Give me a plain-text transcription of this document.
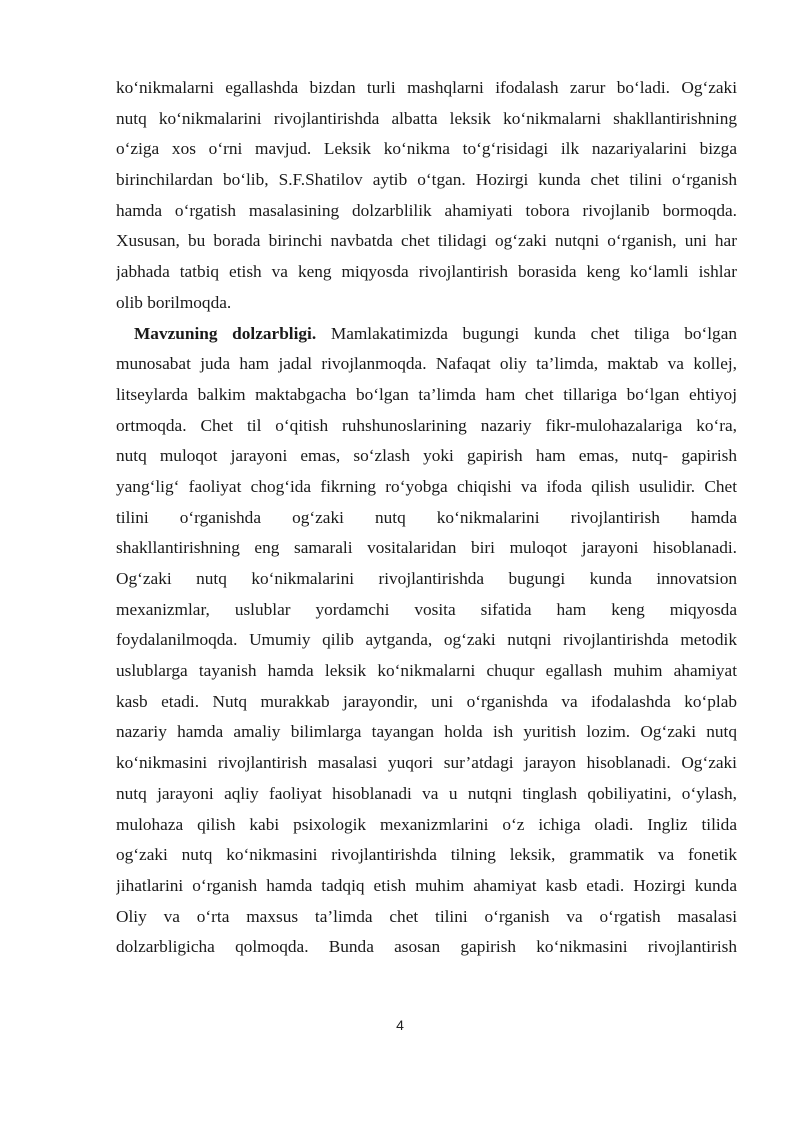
ko‘nikmalarni egallashda bizdan turli mashqlarni ifodalash zarur bo‘ladi. Og‘zaki
nutq ko‘nikmalarini rivojlantirishda albatta leksik ko‘nikmalarni shakllantirishning
o‘ziga xos o‘rni mavjud. Leksik ko‘nikma to‘g‘risidagi ilk nazariyalarini bizga
birinchilardan bo‘lib, S.F.Shatilov aytib o‘tgan. Hozirgi kunda chet tilini o‘rganish
hamda o‘rgatish masalasining dolzarblilik ahamiyati tobora rivojlanib bormoqda.
Xususan, bu borada birinchi navbatda chet tilidagi og‘zaki nutqni o‘rganish, uni har
jabhada tatbiq etish va keng miqyosda rivojlantirish borasida keng ko‘lamli ishlar
olib borilmoqda.
Mavzuning dolzarbligi. Mamlakatimizda bugungi kunda chet tiliga bo‘lgan
munosabat juda ham jadal rivojlanmoqda. Nafaqat oliy ta’limda, maktab va kollej,
litseylarda balkim maktabgacha bo‘lgan ta’limda ham chet tillariga bo‘lgan ehtiyoj
ortmoqda. Chet til o‘qitish ruhshunoslarining nazariy fikr-mulohazalariga ko‘ra,
nutq muloqot jarayoni emas, so‘zlash yoki gapirish ham emas, nutq- gapirish
yang‘lig‘ faoliyat chog‘ida fikrning ro‘yobga chiqishi va ifoda qilish usulidir. Chet
tilini o‘rganishda og‘zaki nutq ko‘nikmalarini rivojlantirish hamda
shakllantirishning eng samarali vositalaridan biri muloqot jarayoni hisoblanadi.
Og‘zaki nutq ko‘nikmalarini rivojlantirishda bugungi kunda innovatsion
mexanizmlar, uslublar yordamchi vosita sifatida ham keng miqyosda
foydalanilmoqda. Umumiy qilib aytganda, og‘zaki nutqni rivojlantirishda metodik
uslublarga tayanish hamda leksik ko‘nikmalarni chuqur egallash muhim ahamiyat
kasb etadi. Nutq murakkab jarayondir, uni o‘rganishda va ifodalashda ko‘plab
nazariy hamda amaliy bilimlarga tayangan holda ish yuritish lozim. Og‘zaki nutq
ko‘nikmasini rivojlantirish masalasi yuqori sur’atdagi jarayon hisoblanadi. Og‘zaki
nutq jarayoni aqliy faoliyat hisoblanadi va u nutqni tinglash qobiliyatini, o‘ylash,
mulohaza qilish kabi psixologik mexanizmlarini o‘z ichiga oladi. Ingliz tilida
og‘zaki nutq ko‘nikmasini rivojlantirishda tilning leksik, grammatik va fonetik
jihatlarini o‘rganish hamda tadqiq etish muhim ahamiyat kasb etadi. Hozirgi kunda
Oliy va o‘rta maxsus ta’limda chet tilini o‘rganish va o‘rgatish masalasi
dolzarbligicha qolmoqda. Bunda asosan gapirish ko‘nikmasini rivojlantirish
4
